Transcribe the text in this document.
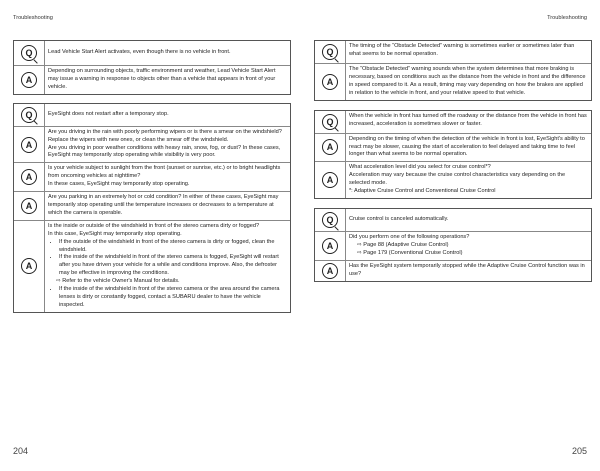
Troubleshooting	Troubleshooting
Q	Lead Vehicle Start Alert activates, even though there is no vehicle in front.

A

Depending on surrounding objects, traffic environment and weather, Lead Vehicle Start Alert may issue a warning in response to objects other than a vehicle that appears in front of your vehicle.

Q	EyeSight does not restart after a temporary stop.

A

Are you driving in the rain with poorly performing wipers or is there a smear on the windshield?

Replace the wipers with new ones, or clean the smear off the windshield.

Are you driving in poor weather conditions with heavy rain, snow, fog, or dust? In these cases, EyeSight may temporarily stop operating while visibility is very poor.

A

Is your vehicle subject to sunlight from the front (sunset or sunrise, etc.) or to bright headlights from oncoming vehicles at nighttime?

In these cases, EyeSight may temporarily stop operating.

A

Are you parking in an extremely hot or cold condition? In either of these cases, EyeSight may temporarily stop operating until the temperature increases or decreases to a temperature at which the camera is operable.

A

Is the inside or outside of the windshield in front of the stereo camera dirty or fogged?

In this case, EyeSight may temporarily stop operating.

• If the outside of the windshield in front of the stereo camera is dirty or fogged, clean the windshield.
• If the inside of the windshield in front of the stereo camera is fogged, EyeSight will restart after you have driven your vehicle for a while and conditions improve. Also, the defroster may be effective in improving the conditions.

⇨ Refer to the vehicle Owner's Manual for details.

• If the inside of the windshield in front of the stereo camera or the area around the camera lenses is dirty or constantly fogged, contact a SUBARU dealer to have the vehicle inspected.
Q

The timing of the “Obstacle Detected” warning is sometimes earlier or sometimes later than what seems to be normal operation.

A

The “Obstacle Detected” warning sounds when the system determines that more braking is necessary, based on conditions such as the distance from the vehicle in front and the difference in speed compared to it. As a result, timing may vary depending on how the brakes are applied in relation to the vehicle in front, and your relative speed to that vehicle.

Q

When the vehicle in front has turned off the roadway or the distance from the vehicle in front has increased, acceleration is sometimes slower or faster.

A

Depending on the timing of when the detection of the vehicle in front is lost, EyeSight's ability to react may be slower, causing the start of acceleration to feel delayed and taking time to feel longer than what seems to be normal operation.

A

What acceleration level did you select for cruise control*?

Acceleration may vary because the cruise control characteristics vary depending on the selected mode.

*: Adaptive Cruise Control and Conventional Cruise Control

Q	Cruise control is canceled automatically.

A

Did you perform one of the following operations?

⇨ Page 88 (Adaptive Cruise Control)

⇨ Page 179 (Conventional Cruise Control)

A	Has the EyeSight system temporarily stopped while the Adaptive Cruise Control function was in use?

204	205
